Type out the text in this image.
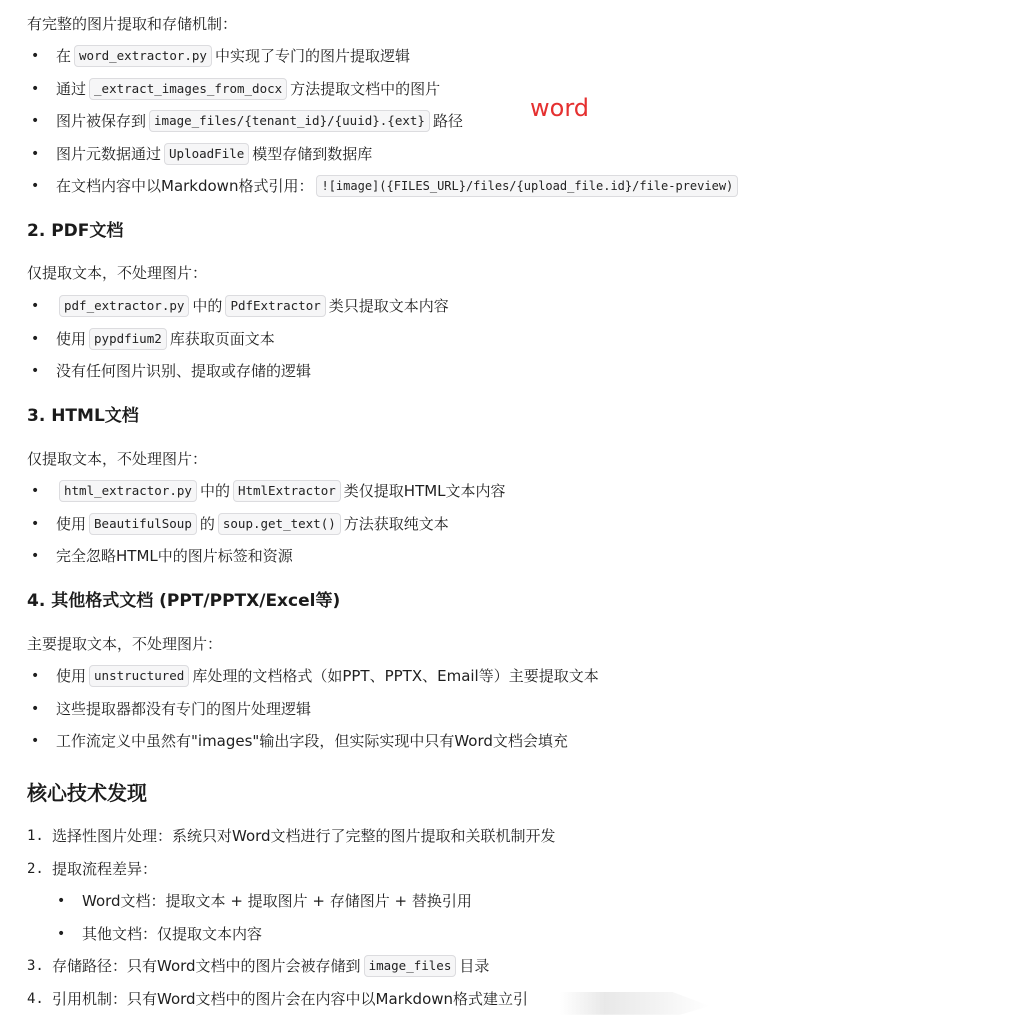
有完整的图片提取和存储机制：
•	在 word_extractor.py 中实现了专门的图片提取逻辑
•	通过 _extract_images_from_docx 方法提取文档中的图片
•	图片被保存到 image_files/{tenant_id}/{uuid}.{ext} 路径
•	图片元数据通过 UploadFile 模型存储到数据库
•	在文档内容中以Markdown格式引用： ![image]({FILES_URL}/files/{upload_file.id}/file-preview)
word
2. PDF文档
仅提取文本，不处理图片：
•	pdf_extractor.py 中的 PdfExtractor 类只提取文本内容
•	使用 pypdfium2 库获取页面文本
•	没有任何图片识别、提取或存储的逻辑
3. HTML文档
仅提取文本，不处理图片：
•	html_extractor.py 中的 HtmlExtractor 类仅提取HTML文本内容
•	使用 BeautifulSoup 的 soup.get_text() 方法获取纯文本
•	完全忽略HTML中的图片标签和资源
4. 其他格式文档 (PPT/PPTX/Excel等)
主要提取文本，不处理图片：
•	使用 unstructured 库处理的文档格式（如PPT、PPTX、Email等）主要提取文本
•	这些提取器都没有专门的图片处理逻辑
•	工作流定义中虽然有"images"输出字段，但实际实现中只有Word文档会填充
核心技术发现
1. 选择性图片处理：系统只对Word文档进行了完整的图片提取和关联机制开发
2. 提取流程差异：
•	Word文档：提取文本 + 提取图片 + 存储图片 + 替换引用
•	其他文档：仅提取文本内容
3. 存储路径：只有Word文档中的图片会被存储到 image_files 目录
4. 引用机制：只有Word文档中的图片会在内容中以Markdown格式建立引
